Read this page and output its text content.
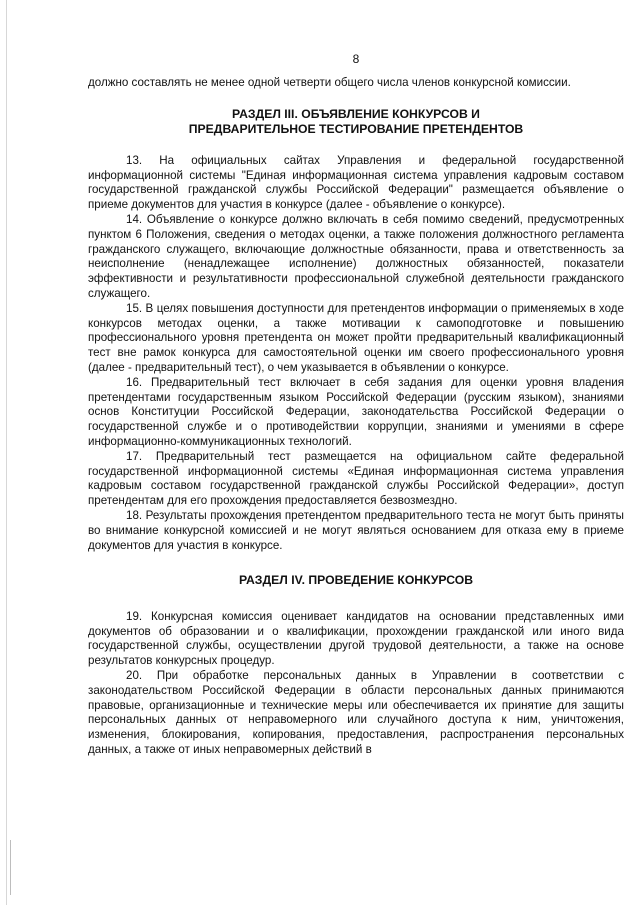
8

должно составлять не менее одной четверти общего числа членов конкурсной комиссии.

РАЗДЕЛ III. ОБЪЯВЛЕНИЕ КОНКУРСОВ И
ПРЕДВАРИТЕЛЬНОЕ ТЕСТИРОВАНИЕ ПРЕТЕНДЕНТОВ

13. На официальных сайтах Управления и федеральной государственной информационной системы "Единая информационная система управления кадровым составом государственной гражданской службы Российской Федерации" размещается объявление о приеме документов для участия в конкурсе (далее - объявление о конкурсе).

14. Объявление о конкурсе должно включать в себя помимо сведений, предусмотренных пунктом 6 Положения, сведения о методах оценки, а также положения должностного регламента гражданского служащего, включающие должностные обязанности, права и ответственность за неисполнение (ненадлежащее исполнение) должностных обязанностей, показатели эффективности и результативности профессиональной служебной деятельности гражданского служащего.

15. В целях повышения доступности для претендентов информации о применяемых в ходе конкурсов методах оценки, а также мотивации к самоподготовке и повышению профессионального уровня претендента он может пройти предварительный квалификационный тест вне рамок конкурса для самостоятельной оценки им своего профессионального уровня (далее - предварительный тест), о чем указывается в объявлении о конкурсе.

16. Предварительный тест включает в себя задания для оценки уровня владения претендентами государственным языком Российской Федерации (русским языком), знаниями основ Конституции Российской Федерации, законодательства Российской Федерации о государственной службе и о противодействии коррупции, знаниями и умениями в сфере информационно-коммуникационных технологий.

17. Предварительный тест размещается на официальном сайте федеральной государственной информационной системы «Единая информационная система управления кадровым составом государственной гражданской службы Российской Федерации», доступ претендентам для его прохождения предоставляется безвозмездно.

18. Результаты прохождения претендентом предварительного теста не могут быть приняты во внимание конкурсной комиссией и не могут являться основанием для отказа ему в приеме документов для участия в конкурсе.

РАЗДЕЛ IV. ПРОВЕДЕНИЕ КОНКУРСОВ

19. Конкурсная комиссия оценивает кандидатов на основании представленных ими документов об образовании и о квалификации, прохождении гражданской или иного вида государственной службы, осуществлении другой трудовой деятельности, а также на основе результатов конкурсных процедур.

20. При обработке персональных данных в Управлении в соответствии с законодательством Российской Федерации в области персональных данных принимаются правовые, организационные и технические меры или обеспечивается их принятие для защиты персональных данных от неправомерного или случайного доступа к ним, уничтожения, изменения, блокирования, копирования, предоставления, распространения персональных данных, а также от иных неправомерных действий в
